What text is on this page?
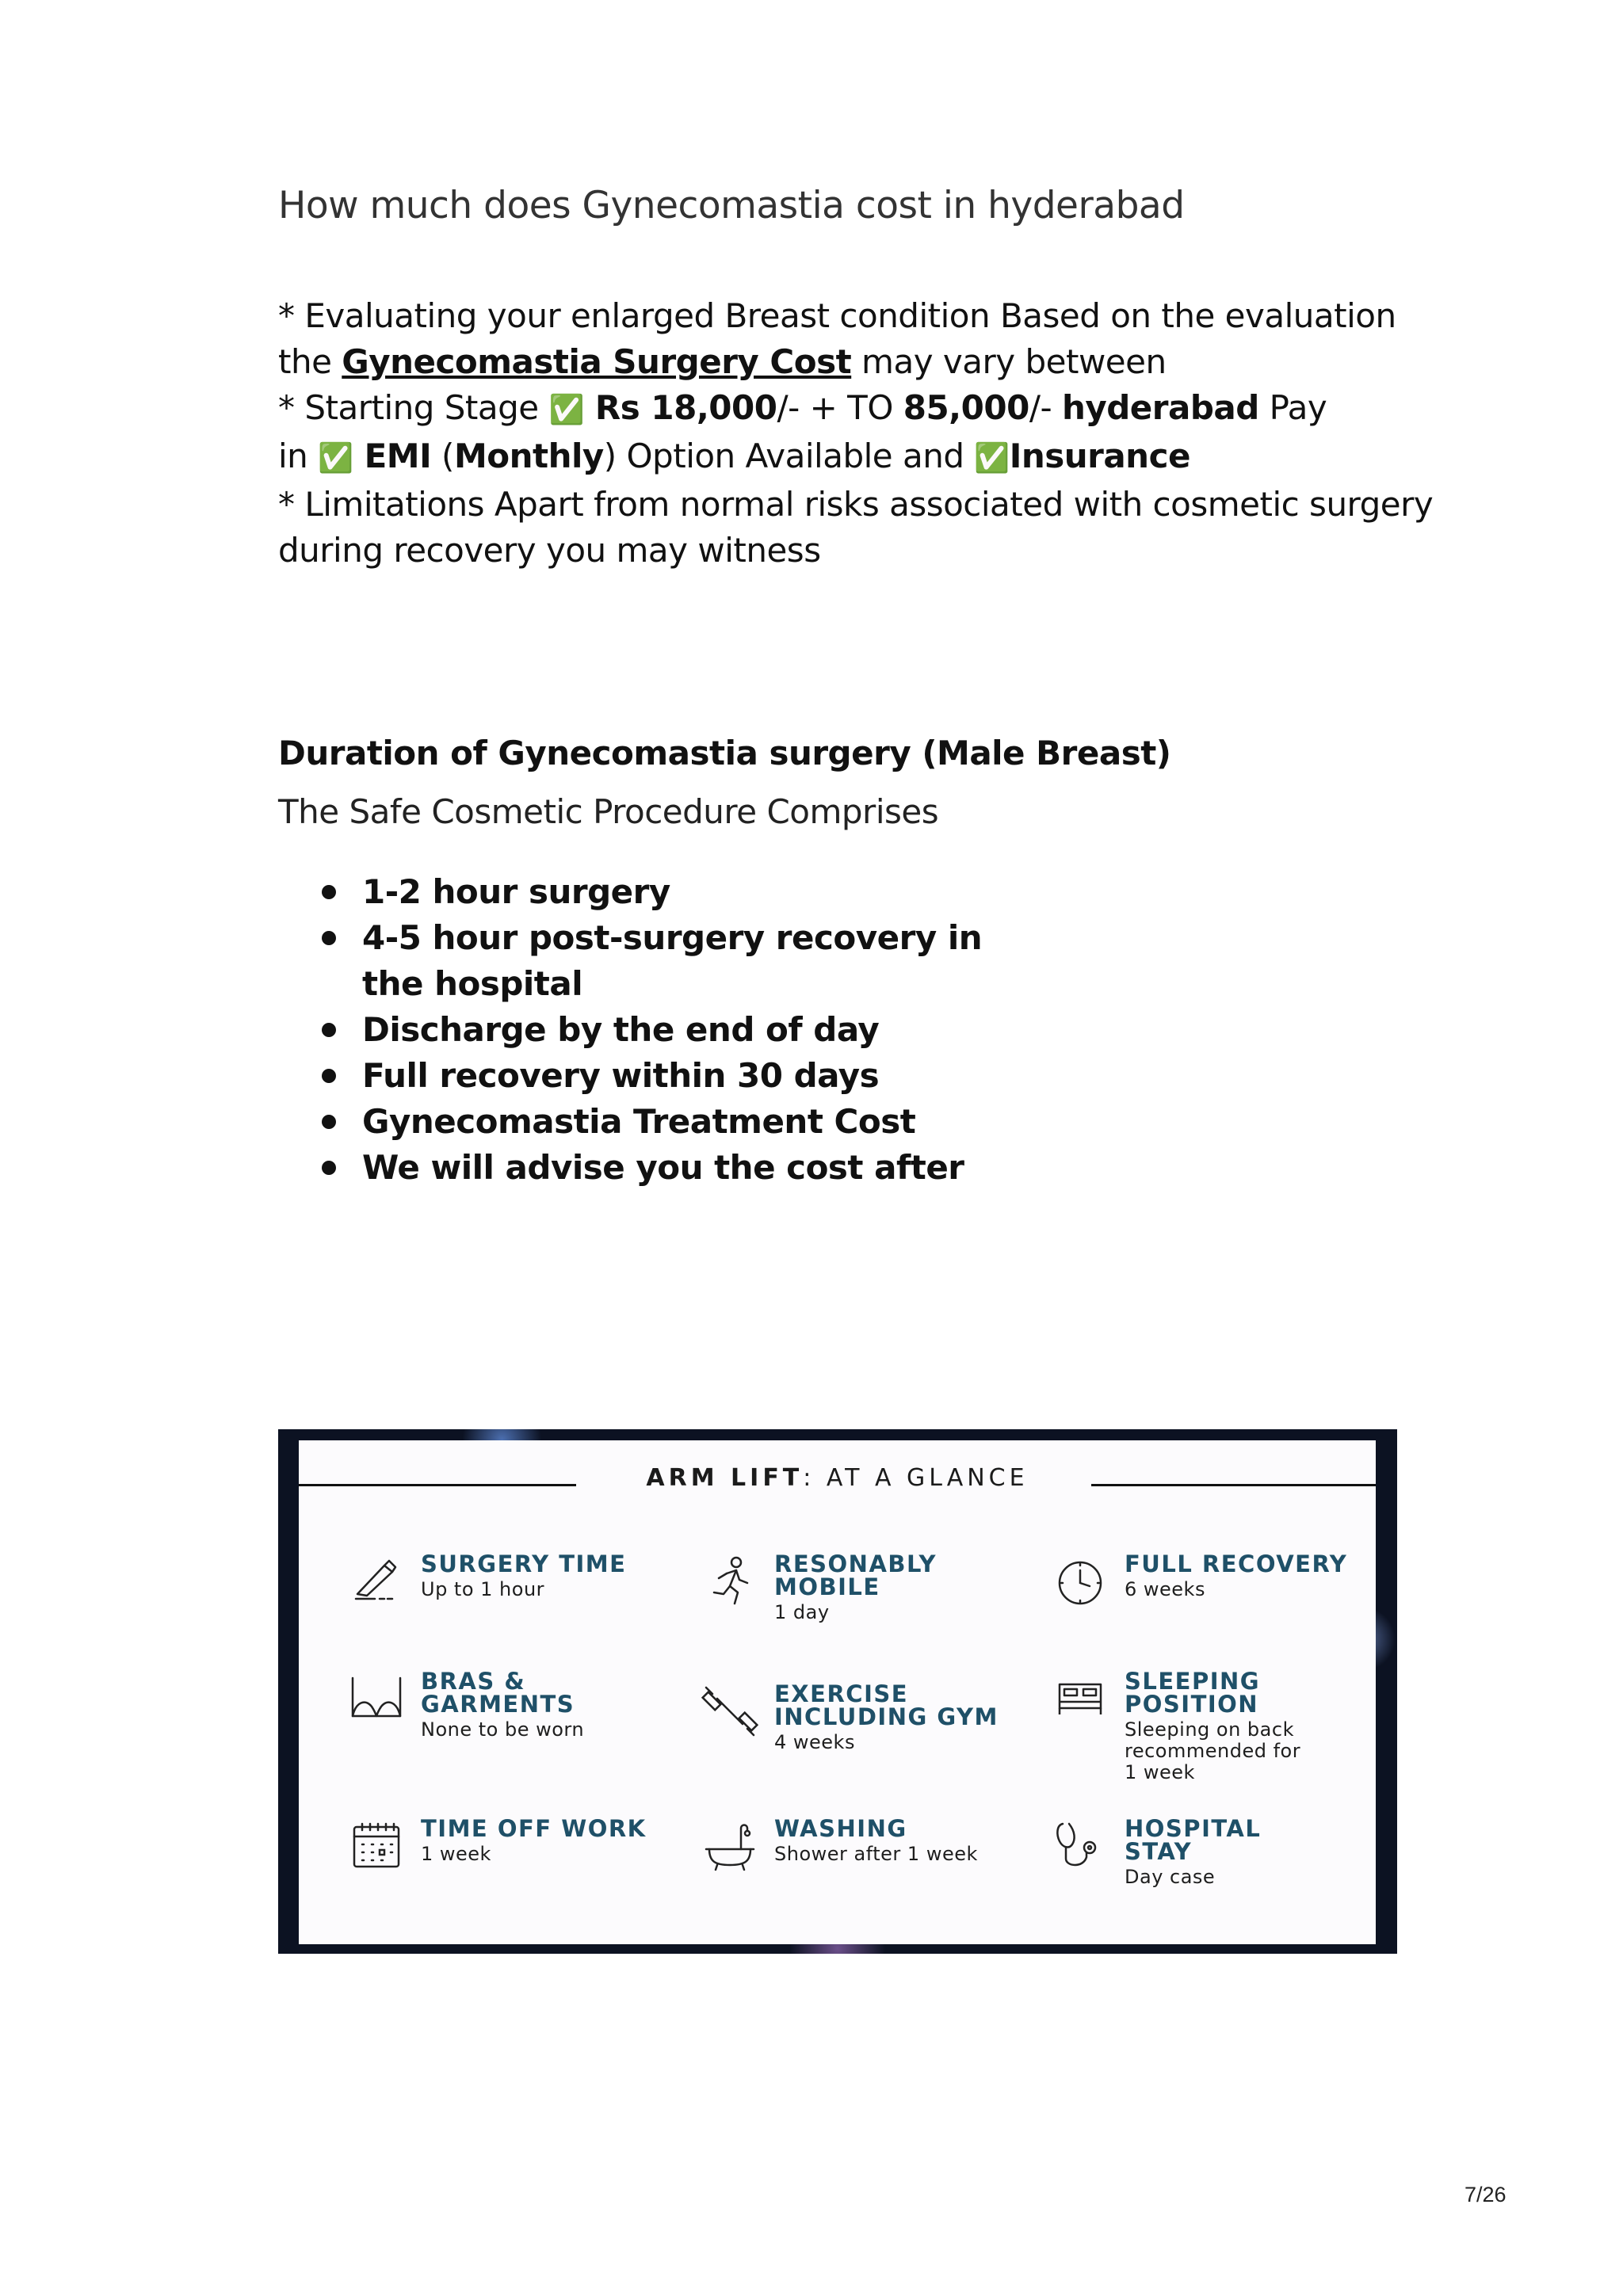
How much does Gynecomastia cost in hyderabad
* Evaluating your enlarged Breast condition Based on the evaluation
the Gynecomastia Surgery Cost may vary between
* Starting Stage ✅ Rs 18,000/- + TO 85,000/- hyderabad Pay
in ✅ EMI (Monthly) Option Available and ✅Insurance
* Limitations Apart from normal risks associated with cosmetic surgery
during recovery you may witness
Duration of Gynecomastia surgery (Male Breast)

The Safe Cosmetic Procedure Comprises

1-2 hour surgery
4-5 hour post-surgery recovery in the hospital
Discharge by the end of day
Full recovery within 30 days
Gynecomastia Treatment Cost
We will advise you the cost after
ARM LIFT: AT A GLANCE
SURGERY TIME
Up to 1 hour
RESONABLY MOBILE
1 day
FULL RECOVERY
6 weeks
BRAS & GARMENTS
None to be worn
EXERCISE INCLUDING GYM
4 weeks
SLEEPING POSITION
Sleeping on back recommended for 1 week
TIME OFF WORK
1 week
WASHING
Shower after 1 week
HOSPITAL STAY
Day case
7/26
